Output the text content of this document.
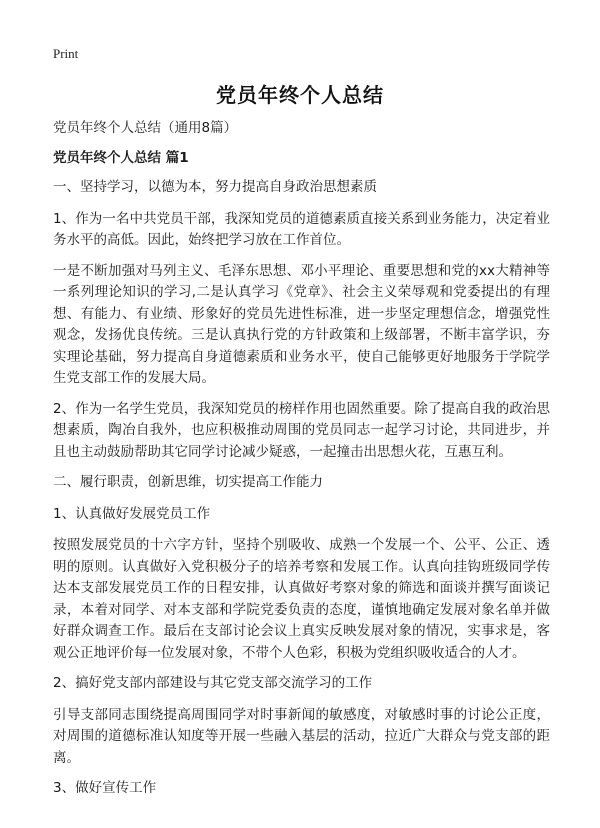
Print

党员年终个人总结

党员年终个人总结（通用8篇）

党员年终个人总结 篇1

一、坚持学习，以德为本，努力提高自身政治思想素质

1、作为一名中共党员干部，我深知党员的道德素质直接关系到业务能力，决定着业务水平的高低。因此，始终把学习放在工作首位。

一是不断加强对马列主义、毛泽东思想、邓小平理论、重要思想和党的xx大精神等一系列理论知识的学习,二是认真学习《党章》、社会主义荣辱观和党委提出的有理想、有能力、有业绩、形象好的党员先进性标准，进一步坚定理想信念，增强党性观念，发扬优良传统。三是认真执行党的方针政策和上级部署，不断丰富学识，夯实理论基础，努力提高自身道德素质和业务水平，使自己能够更好地服务于学院学生党支部工作的发展大局。

2、作为一名学生党员，我深知党员的榜样作用也固然重要。除了提高自我的政治思想素质，陶冶自我外，也应积极推动周围的党员同志一起学习讨论，共同进步，并且也主动鼓励帮助其它同学讨论减少疑惑，一起撞击出思想火花，互惠互利。

二、履行职责，创新思维，切实提高工作能力

1、认真做好发展党员工作

按照发展党员的十六字方针，坚持个别吸收、成熟一个发展一个、公平、公正、透明的原则。认真做好入党积极分子的培养考察和发展工作。认真向挂钩班级同学传达本支部发展党员工作的日程安排，认真做好考察对象的筛选和面谈并撰写面谈记录，本着对同学、对本支部和学院党委负责的态度，谨慎地确定发展对象名单并做好群众调查工作。最后在支部讨论会议上真实反映发展对象的情况，实事求是，客观公正地评价每一位发展对象，不带个人色彩，积极为党组织吸收适合的人才。

2、搞好党支部内部建设与其它党支部交流学习的工作

引导支部同志围绕提高周围同学对时事新闻的敏感度，对敏感时事的讨论公正度，对周围的道德标准认知度等开展一些融入基层的活动，拉近广大群众与党支部的距离。

3、做好宣传工作
